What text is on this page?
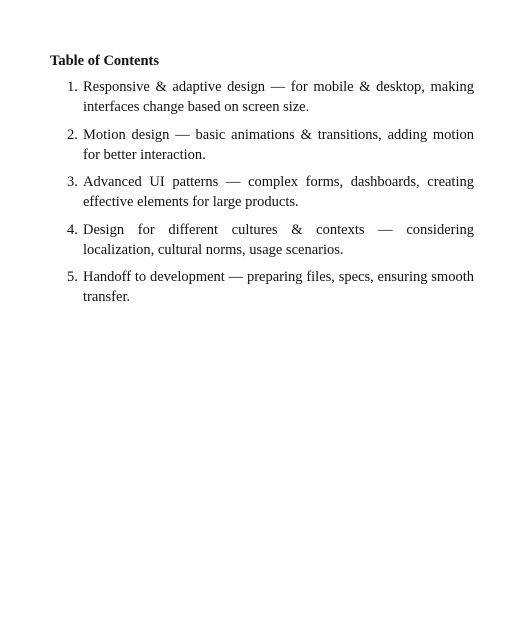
Table of Contents
1. Responsive & adaptive design — for mobile & desktop, making interfaces change based on screen size.
2. Motion design — basic animations & transitions, adding motion for better interaction.
3. Advanced UI patterns — complex forms, dashboards, creating effective elements for large products.
4. Design for different cultures & contexts — considering localization, cultural norms, usage scenarios.
5. Handoff to development — preparing files, specs, ensuring smooth transfer.
